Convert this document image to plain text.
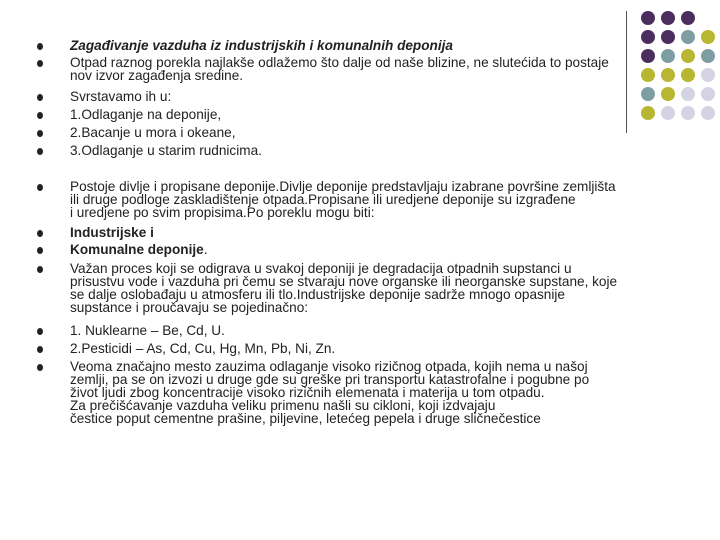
Zagađivanje vazduha iz industrijskih i komunalnih deponija
Otpad raznog porekla najlakše odlažemo što dalje od naše blizine, ne slutećida to postaje
nov izvor zagađenja sredine.
Svrstavamo ih u:
1.Odlaganje na deponije,
2.Bacanje u mora i okeane,
3.Odlaganje u starim rudnicima.
Postoje divlje i propisane deponije.Divlje deponije predstavljaju izabrane površine zemljišta
ili druge podloge zaskladištenje otpada.Propisane ili uredjene deponije su izgrađene
i uredjene po svim propisima.Po poreklu mogu biti:
Industrijske i
Komunalne deponije.
Važan proces koji se odigrava u svakoj deponiji je degradacija otpadnih supstanci u
prisustvu vode i vazduha pri čemu se stvaraju nove organske ili neorganske supstane, koje
se dalje oslobađaju u atmosferu ili tlo.Industrijske deponije sadrže mnogo opasnije
supstance i proučavaju se pojedinačno:
1. Nuklearne – Be, Cd, U.
2.Pesticidi – As, Cd, Cu, Hg, Mn, Pb, Ni, Zn.
Veoma značajno mesto zauzima odlaganje visoko rizičnog otpada, kojih nema u našoj
zemlji, pa se on izvozi u druge gde su greške pri transportu katastrofalne i pogubne po
život ljudi zbog koncentracije visoko rizičnih elemenata i materija u tom otpadu.
Za prečišćavanje vazduha veliku primenu našli su cikloni, koji izdvajaju
čestice poput cementne prašine, piljevine, letećeg pepela i druge sličnečestice
